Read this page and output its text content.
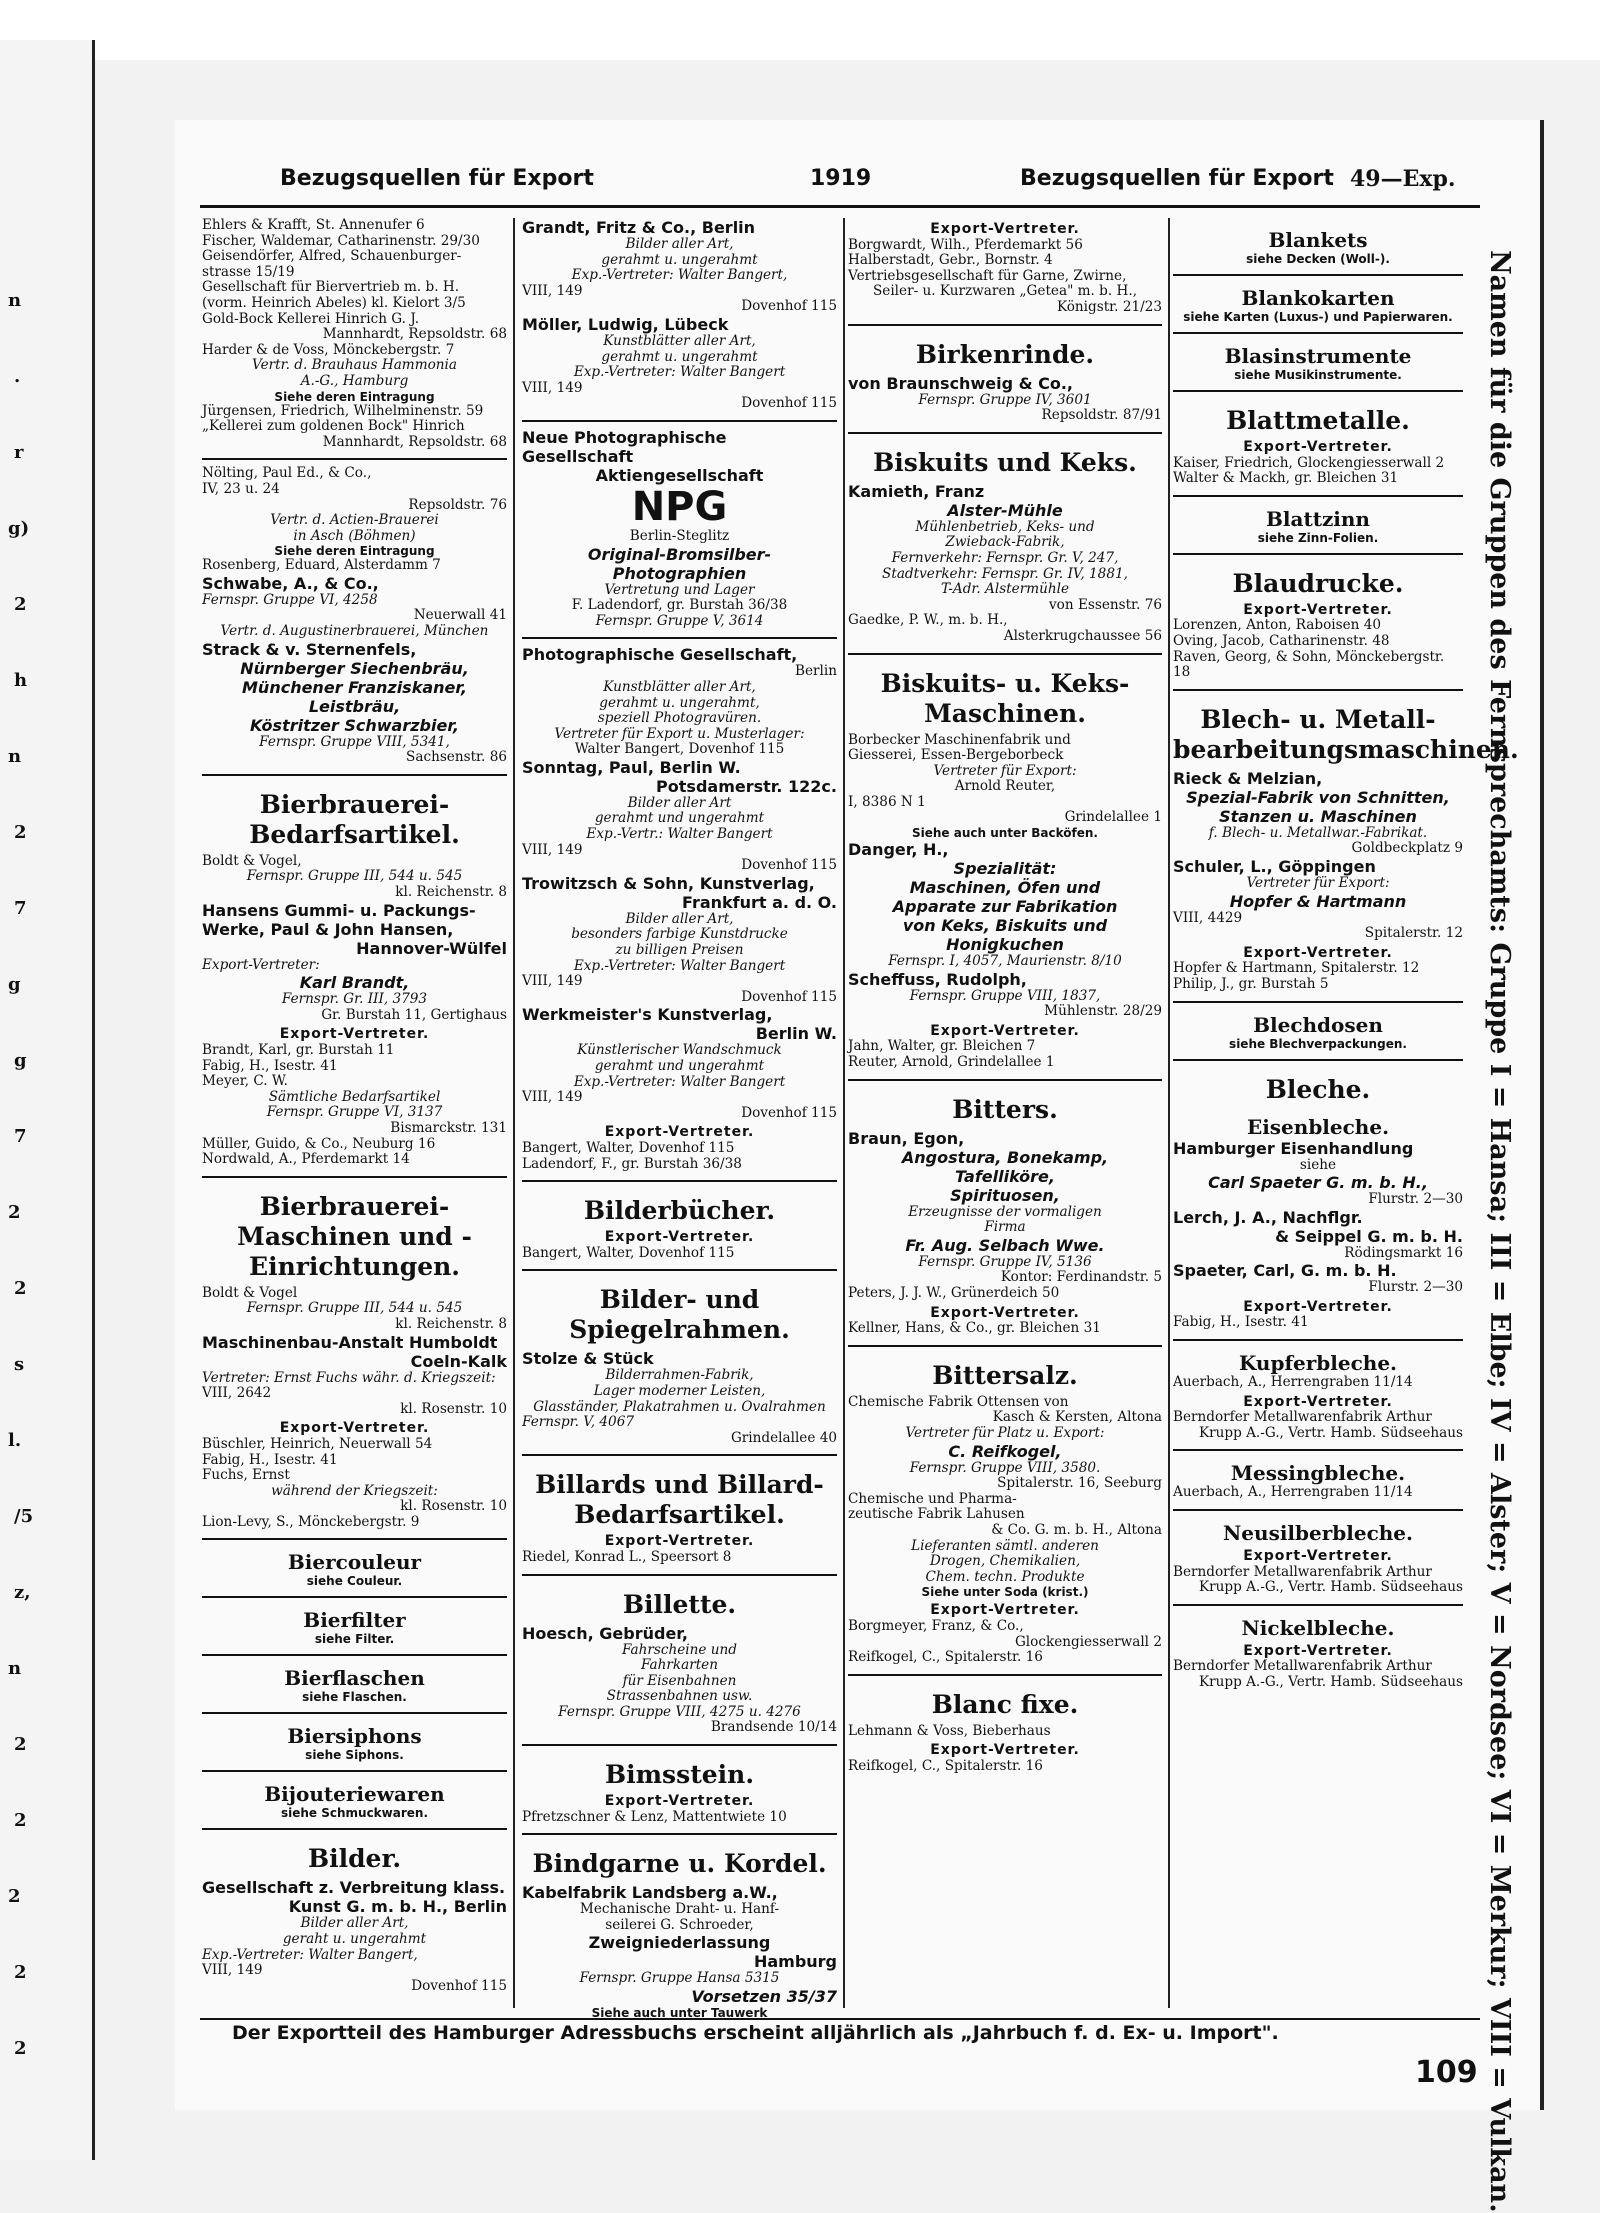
n
.
r
g)
2
h
n
2
7
g
g
7
2
2
s
l.
/5
z,
n
2
2
2
2
2
Bezugsquellen für Export	1919	Bezugsquellen für Export 49—Exp.
Ehlers & Krafft, St. Annenufer 6
Fischer, Waldemar, Catharinenstr. 29/30
Geisendörfer, Alfred, Schauenburger-
strasse 15/19
Gesellschaft für Biervertrieb m. b. H.
(vorm. Heinrich Abeles) kl. Kielort 3/5
Gold-Bock Kellerei Hinrich G. J.
Mannhardt, Repsoldstr. 68
Harder & de Voss, Mönckebergstr. 7
Vertr. d. Brauhaus Hammonia
A.-G., Hamburg
Siehe deren Eintragung
Jürgensen, Friedrich, Wilhelminenstr. 59
„Kellerei zum goldenen Bock" Hinrich
Mannhardt, Repsoldstr. 68
Nölting, Paul Ed., & Co.,
IV, 23 u. 24
Repsoldstr. 76
Vertr. d. Actien-Brauerei
in Asch (Böhmen)
Siehe deren Eintragung
Rosenberg, Eduard, Alsterdamm 7
Schwabe, A., & Co.,
Fernspr. Gruppe VI, 4258
Neuerwall 41
Vertr. d. Augustinerbrauerei, München
Strack & v. Sternenfels,
Nürnberger Siechenbräu,
Münchener Franziskaner,
Leistbräu,
Köstritzer Schwarzbier,
Fernspr. Gruppe VIII, 5341,
Sachsenstr. 86
Bierbrauerei-Bedarfsartikel.
Boldt & Vogel,
Fernspr. Gruppe III, 544 u. 545
kl. Reichenstr. 8
Hansens Gummi- u. Packungs-
Werke, Paul & John Hansen,
Hannover-Wülfel
Export-Vertreter:
Karl Brandt,
Fernspr. Gr. III, 3793
Gr. Burstah 11, Gertighaus
Export-Vertreter.
Brandt, Karl, gr. Burstah 11
Fabig, H., Isestr. 41
Meyer, C. W.
Sämtliche Bedarfsartikel
Fernspr. Gruppe VI, 3137
Bismarckstr. 131
Müller, Guido, & Co., Neuburg 16
Nordwald, A., Pferdemarkt 14
Bierbrauerei-Maschinen und -Einrichtungen.
Boldt & Vogel
Fernspr. Gruppe III, 544 u. 545
kl. Reichenstr. 8
Maschinenbau-Anstalt Humboldt
Coeln-Kalk
Vertreter: Ernst Fuchs währ. d. Kriegszeit:
VIII, 2642
kl. Rosenstr. 10
Export-Vertreter.
Büschler, Heinrich, Neuerwall 54
Fabig, H., Isestr. 41
Fuchs, Ernst
während der Kriegszeit:
kl. Rosenstr. 10
Lion-Levy, S., Mönckebergstr. 9
Biercouleur
siehe Couleur.
Bierfilter
siehe Filter.
Bierflaschen
siehe Flaschen.
Biersiphons
siehe Siphons.
Bijouteriewaren
siehe Schmuckwaren.
Bilder.
Gesellschaft z. Verbreitung klass.
Kunst G. m. b. H., Berlin
Bilder aller Art,
geraht u. ungerahmt
Exp.-Vertreter: Walter Bangert,
VIII, 149
Dovenhof 115
Grandt, Fritz & Co., Berlin
Bilder aller Art,
gerahmt u. ungerahmt
Exp.-Vertreter: Walter Bangert,
VIII, 149
Dovenhof 115
Möller, Ludwig, Lübeck
Kunstblätter aller Art,
gerahmt u. ungerahmt
Exp.-Vertreter: Walter Bangert
VIII, 149
Dovenhof 115
Neue Photographische Gesellschaft
Aktiengesellschaft
NPG
Berlin-Steglitz
Original-Bromsilber-Photographien
Vertretung und Lager
F. Ladendorf, gr. Burstah 36/38
Fernspr. Gruppe V, 3614
Photographische Gesellschaft,
Berlin
Kunstblätter aller Art,
gerahmt u. ungerahmt,
speziell Photogravüren.
Vertreter für Export u. Musterlager:
Walter Bangert, Dovenhof 115
Sonntag, Paul, Berlin W.
Potsdamerstr. 122c.
Bilder aller Art
gerahmt und ungerahmt
Exp.-Vertr.: Walter Bangert
VIII, 149
Dovenhof 115
Trowitzsch & Sohn, Kunstverlag,
Frankfurt a. d. O.
Bilder aller Art,
besonders farbige Kunstdrucke
zu billigen Preisen
Exp.-Vertreter: Walter Bangert
VIII, 149
Dovenhof 115
Werkmeister's Kunstverlag,
Berlin W.
Künstlerischer Wandschmuck
gerahmt und ungerahmt
Exp.-Vertreter: Walter Bangert
VIII, 149
Dovenhof 115
Export-Vertreter.
Bangert, Walter, Dovenhof 115
Ladendorf, F., gr. Burstah 36/38
Bilderbücher.
Export-Vertreter.
Bangert, Walter, Dovenhof 115
Bilder- und Spiegelrahmen.
Stolze & Stück
Bilderrahmen-Fabrik,
Lager moderner Leisten,
Glasständer, Plakatrahmen u. Ovalrahmen
Fernspr. V, 4067
Grindelallee 40
Billards und Billard-Bedarfsartikel.
Export-Vertreter.
Riedel, Konrad L., Speersort 8
Billette.
Hoesch, Gebrüder,
Fahrscheine und
Fahrkarten
für Eisenbahnen
Strassenbahnen usw.
Fernspr. Gruppe VIII, 4275 u. 4276
Brandsende 10/14
Bimsstein.
Export-Vertreter.
Pfretzschner & Lenz, Mattentwiete 10
Bindgarne u. Kordel.
Kabelfabrik Landsberg a.W.,
Mechanische Draht- u. Hanf-
seilerei G. Schroeder,
Zweigniederlassung
Hamburg
Fernspr. Gruppe Hansa 5315
Vorsetzen 35/37
Siehe auch unter Tauwerk
Export-Vertreter.
Borgwardt, Wilh., Pferdemarkt 56
Halberstadt, Gebr., Bornstr. 4
Vertriebsgesellschaft für Garne, Zwirne,
Seiler- u. Kurzwaren „Getea" m. b. H.,
Königstr. 21/23
Birkenrinde.
von Braunschweig & Co.,
Fernspr. Gruppe IV, 3601
Repsoldstr. 87/91
Biskuits und Keks.
Kamieth, Franz
Alster-Mühle
Mühlenbetrieb, Keks- und
Zwieback-Fabrik,
Fernverkehr: Fernspr. Gr. V, 247,
Stadtverkehr: Fernspr. Gr. IV, 1881,
T-Adr. Alstermühle
von Essenstr. 76
Gaedke, P. W., m. b. H.,
Alsterkrugchaussee 56
Biskuits- u. Keks-Maschinen.
Borbecker Maschinenfabrik und
Giesserei, Essen-Bergeborbeck
Vertreter für Export:
Arnold Reuter,
I, 8386 N 1
Grindelallee 1
Siehe auch unter Backöfen.
Danger, H.,
Spezialität:
Maschinen, Öfen und
Apparate zur Fabrikation
von Keks, Biskuits und
Honigkuchen
Fernspr. I, 4057, Maurienstr. 8/10
Scheffuss, Rudolph,
Fernspr. Gruppe VIII, 1837,
Mühlenstr. 28/29
Export-Vertreter.
Jahn, Walter, gr. Bleichen 7
Reuter, Arnold, Grindelallee 1
Bitters.
Braun, Egon,
Angostura, Bonekamp,
Tafelliköre,
Spirituosen,
Erzeugnisse der vormaligen
Firma
Fr. Aug. Selbach Wwe.
Fernspr. Gruppe IV, 5136
Kontor: Ferdinandstr. 5
Peters, J. J. W., Grünerdeich 50
Export-Vertreter.
Kellner, Hans, & Co., gr. Bleichen 31
Bittersalz.
Chemische Fabrik Ottensen von
Kasch & Kersten, Altona
Vertreter für Platz u. Export:
C. Reifkogel,
Fernspr. Gruppe VIII, 3580.
Spitalerstr. 16, Seeburg
Chemische und Pharma-
zeutische Fabrik Lahusen
& Co. G. m. b. H., Altona
Lieferanten sämtl. anderen
Drogen, Chemikalien,
Chem. techn. Produkte
Siehe unter Soda (krist.)
Export-Vertreter.
Borgmeyer, Franz, & Co.,
Glockengiesserwall 2
Reifkogel, C., Spitalerstr. 16
Blanc fixe.
Lehmann & Voss, Bieberhaus
Export-Vertreter.
Reifkogel, C., Spitalerstr. 16
Blankets
siehe Decken (Woll-).
Blankokarten
siehe Karten (Luxus-) und Papierwaren.
Blasinstrumente
siehe Musikinstrumente.
Blattmetalle.
Export-Vertreter.
Kaiser, Friedrich, Glockengiesserwall 2
Walter & Mackh, gr. Bleichen 31
Blattzinn
siehe Zinn-Folien.
Blaudrucke.
Export-Vertreter.
Lorenzen, Anton, Raboisen 40
Oving, Jacob, Catharinenstr. 48
Raven, Georg, & Sohn, Mönckebergstr. 18
Blech- u. Metall-bearbeitungsmaschinen.
Rieck & Melzian,
Spezial-Fabrik von Schnitten,
Stanzen u. Maschinen
f. Blech- u. Metallwar.-Fabrikat.
Goldbeckplatz 9
Schuler, L., Göppingen
Vertreter für Export:
Hopfer & Hartmann
VIII, 4429
Spitalerstr. 12
Export-Vertreter.
Hopfer & Hartmann, Spitalerstr. 12
Philip, J., gr. Burstah 5
Blechdosen
siehe Blechverpackungen.
Bleche.
Eisenbleche.
Hamburger Eisenhandlung
siehe
Carl Spaeter G. m. b. H.,
Flurstr. 2—30
Lerch, J. A., Nachflgr.
& Seippel G. m. b. H.
Rödingsmarkt 16
Spaeter, Carl, G. m. b. H.
Flurstr. 2—30
Export-Vertreter.
Fabig, H., Isestr. 41
Kupferbleche.
Auerbach, A., Herrengraben 11/14
Export-Vertreter.
Berndorfer Metallwarenfabrik Arthur
Krupp A.-G., Vertr. Hamb. Südseehaus
Messingbleche.
Auerbach, A., Herrengraben 11/14
Neusilberbleche.
Export-Vertreter.
Berndorfer Metallwarenfabrik Arthur
Krupp A.-G., Vertr. Hamb. Südseehaus
Nickelbleche.
Export-Vertreter.
Berndorfer Metallwarenfabrik Arthur
Krupp A.-G., Vertr. Hamb. Südseehaus Namen für die Gruppen des Fernsprechamts: Gruppe I = Hansa; III = Elbe; IV = Alster; V = Nordsee; VI = Merkur; VIII = Vulkan.
Der Exportteil des Hamburger Adressbuchs erscheint alljährlich als „Jahrbuch f. d. Ex- u. Import".
109
